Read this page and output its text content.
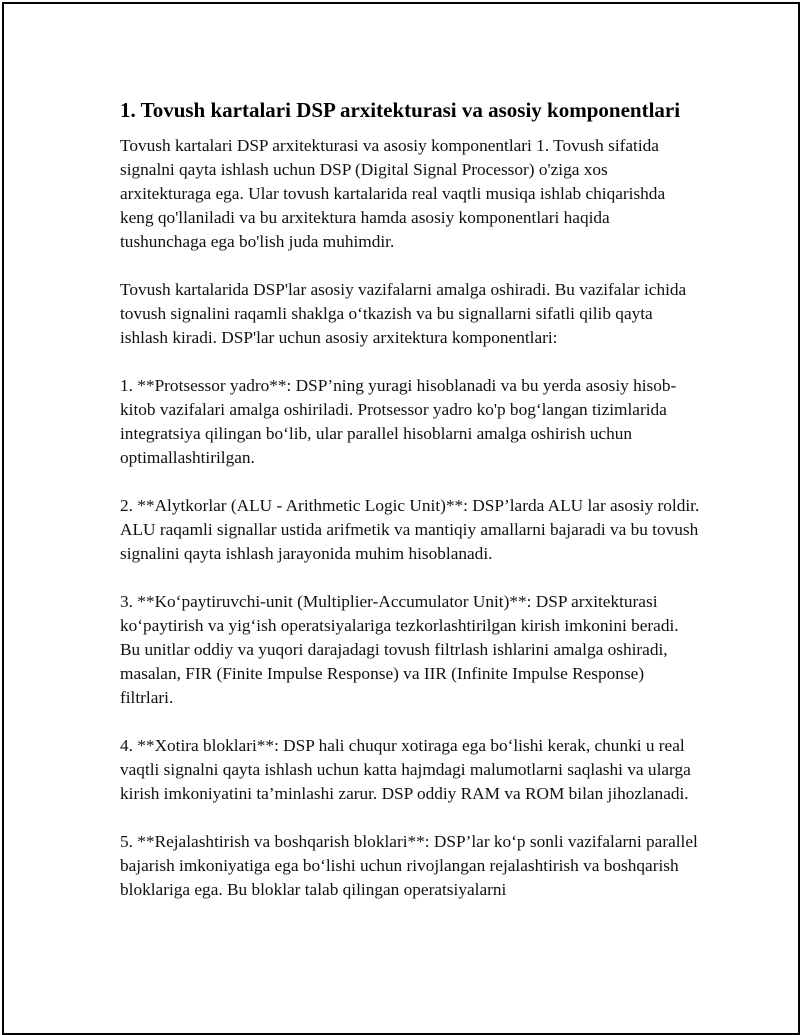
1. Tovush kartalari DSP arxitekturasi va asosiy komponentlari

Tovush kartalari DSP arxitekturasi va asosiy komponentlari 1. Tovush sifatida signalni qayta ishlash uchun DSP (Digital Signal Processor) o'ziga xos arxitekturaga ega. Ular tovush kartalarida real vaqtli musiqa ishlab chiqarishda keng qo'llaniladi va bu arxitektura hamda asosiy komponentlari haqida tushunchaga ega bo'lish juda muhimdir.

Tovush kartalarida DSP'lar asosiy vazifalarni amalga oshiradi. Bu vazifalar ichida tovush signalini raqamli shaklga o‘tkazish va bu signallarni sifatli qilib qayta ishlash kiradi. DSP'lar uchun asosiy arxitektura komponentlari:

1. **Protsessor yadro**: DSP’ning yuragi hisoblanadi va bu yerda asosiy hisob-kitob vazifalari amalga oshiriladi. Protsessor yadro ko'p bog‘langan tizimlarida integratsiya qilingan bo‘lib, ular parallel hisoblarni amalga oshirish uchun optimallashtirilgan.

2. **Alytkorlar (ALU - Arithmetic Logic Unit)**: DSP’larda ALU lar asosiy roldir. ALU raqamli signallar ustida arifmetik va mantiqiy amallarni bajaradi va bu tovush signalini qayta ishlash jarayonida muhim hisoblanadi.

3. **Ko‘paytiruvchi-unit (Multiplier-Accumulator Unit)**: DSP arxitekturasi ko‘paytirish va yig‘ish operatsiyalariga tezkorlashtirilgan kirish imkonini beradi. Bu unitlar oddiy va yuqori darajadagi tovush filtrlash ishlarini amalga oshiradi, masalan, FIR (Finite Impulse Response) va IIR (Infinite Impulse Response) filtrlari.

4. **Xotira bloklari**: DSP hali chuqur xotiraga ega bo‘lishi kerak, chunki u real vaqtli signalni qayta ishlash uchun katta hajmdagi malumotlarni saqlashi va ularga kirish imkoniyatini ta’minlashi zarur. DSP oddiy RAM va ROM bilan jihozlanadi.

5. **Rejalashtirish va boshqarish bloklari**: DSP’lar ko‘p sonli vazifalarni parallel bajarish imkoniyatiga ega bo‘lishi uchun rivojlangan rejalashtirish va boshqarish bloklariga ega. Bu bloklar talab qilingan operatsiyalarni
